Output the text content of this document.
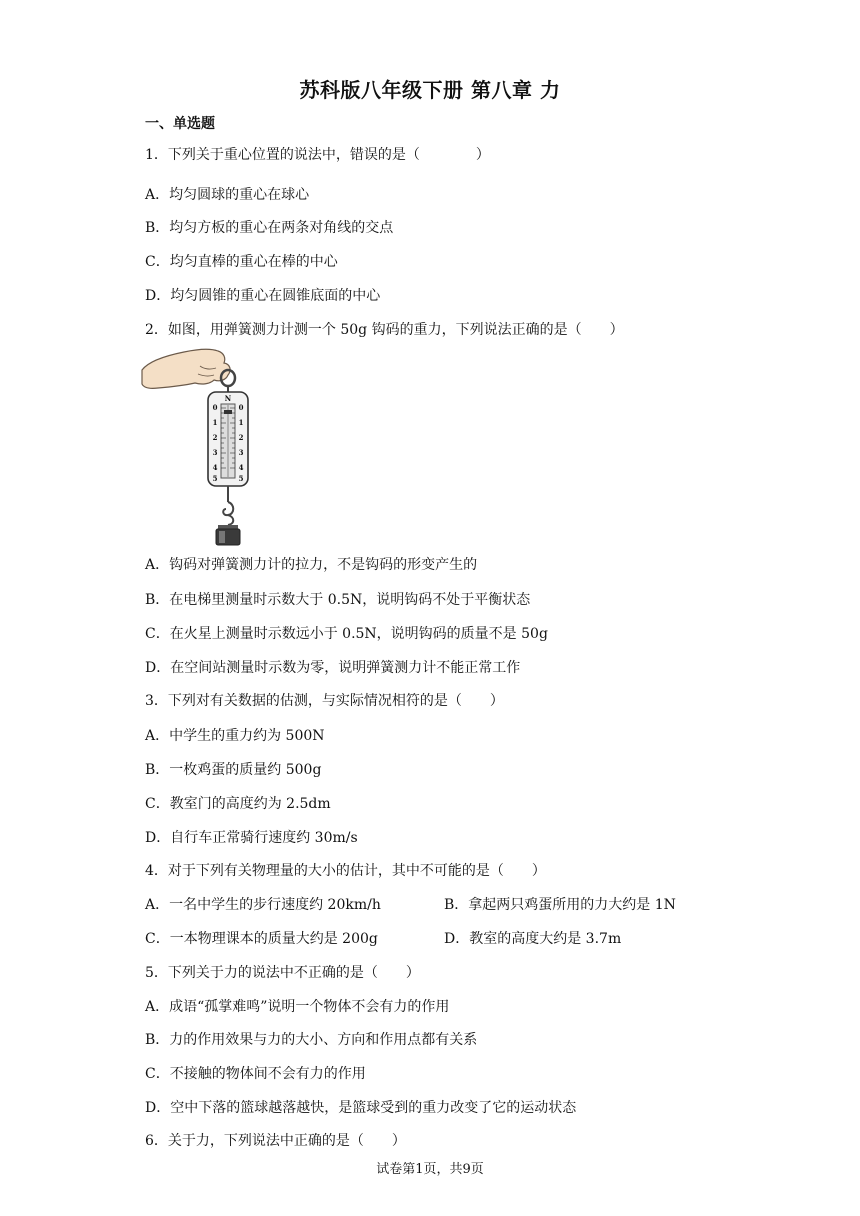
苏科版八年级下册 第八章 力
一、单选题
1．下列关于重心位置的说法中，错误的是（　　　　）
A．均匀圆球的重心在球心
B．均匀方板的重心在两条对角线的交点
C．均匀直棒的重心在棒的中心
D．均匀圆锥的重心在圆锥底面的中心
2．如图，用弹簧测力计测一个 50g 钩码的重力，下列说法正确的是（　　）
N
0
1
2
3
4
5
0
1
2
3
4
5
A．钩码对弹簧测力计的拉力，不是钩码的形变产生的
B．在电梯里测量时示数大于 0.5N，说明钩码不处于平衡状态
C．在火星上测量时示数远小于 0.5N，说明钩码的质量不是 50g
D．在空间站测量时示数为零，说明弹簧测力计不能正常工作
3．下列对有关数据的估测，与实际情况相符的是（　　）
A．中学生的重力约为 500N
B．一枚鸡蛋的质量约 500g
C．教室门的高度约为 2.5dm
D．自行车正常骑行速度约 30m/s
4．对于下列有关物理量的大小的估计，其中不可能的是（　　）
A．一名中学生的步行速度约 20km/h	B．拿起两只鸡蛋所用的力大约是 1N
C．一本物理课本的质量大约是 200g	D．教室的高度大约是 3.7m
5．下列关于力的说法中不正确的是（　　）
A．成语“孤掌难鸣”说明一个物体不会有力的作用
B．力的作用效果与力的大小、方向和作用点都有关系
C．不接触的物体间不会有力的作用
D．空中下落的篮球越落越快，是篮球受到的重力改变了它的运动状态
6．关于力，下列说法中正确的是（　　）
试卷第1页，共9页
